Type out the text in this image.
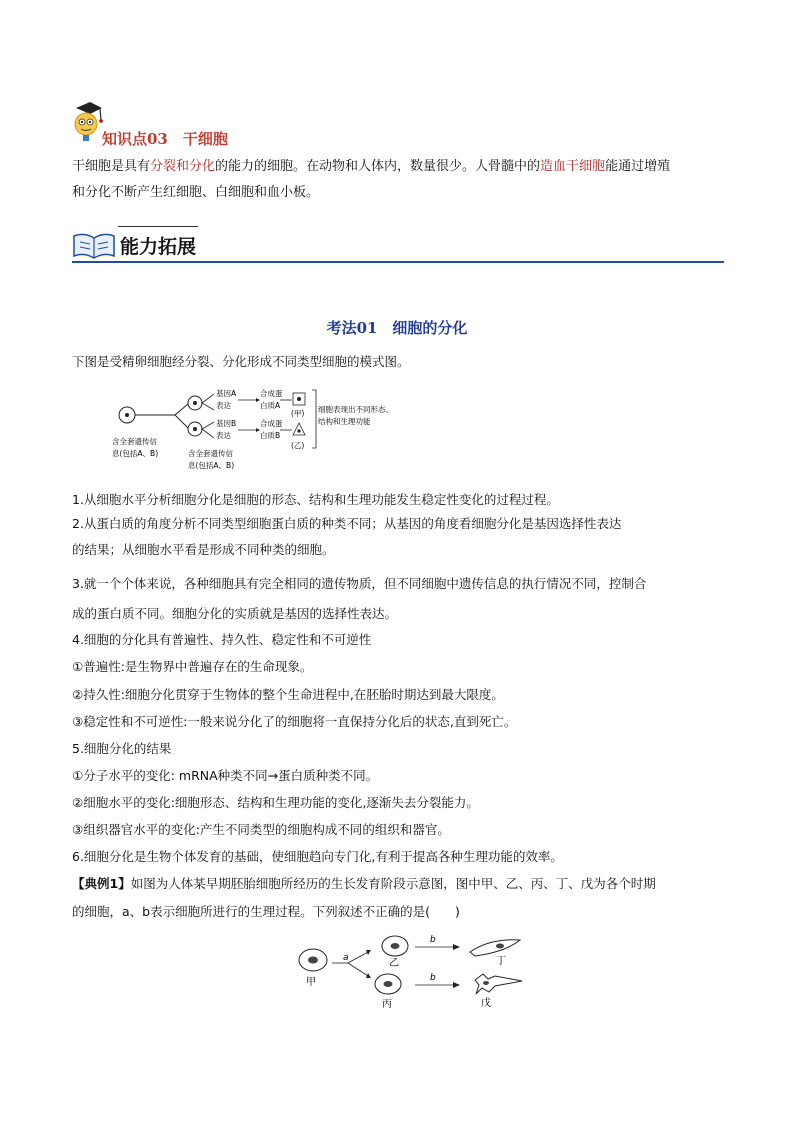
知识点03　干细胞
干细胞是具有分裂和分化的能力的细胞。在动物和人体内，数量很少。人骨髓中的造血干细胞能通过增殖
和分化不断产生红细胞、白细胞和血小板。
能力拓展
考法01　细胞的分化
下图是受精卵细胞经分裂、分化形成不同类型细胞的模式图。
含全套遗传信
息(包括A、B)	含全套遗传信
息(包括A、B)
基因A
表达
基因B
表达
合成蛋
白质A
合成蛋
白质B
(甲)
(乙)
细胞表现出不同形态、
结构和生理功能
1.从细胞水平分析细胞分化是细胞的形态、结构和生理功能发生稳定性变化的过程过程。
2.从蛋白质的角度分析不同类型细胞蛋白质的种类不同；从基因的角度看细胞分化是基因选择性表达
的结果；从细胞水平看是形成不同种类的细胞。
3.就一个个体来说，各种细胞具有完全相同的遗传物质，但不同细胞中遗传信息的执行情况不同，控制合
成的蛋白质不同。细胞分化的实质就是基因的选择性表达。
4.细胞的分化具有普遍性、持久性、稳定性和不可逆性
①普遍性:是生物界中普遍存在的生命现象。
②持久性:细胞分化贯穿于生物体的整个生命进程中,在胚胎时期达到最大限度。
③稳定性和不可逆性:一般来说分化了的细胞将一直保持分化后的状态,直到死亡。
5.细胞分化的结果
①分子水平的变化: mRNA种类不同→蛋白质种类不同。
②细胞水平的变化:细胞形态、结构和生理功能的变化,逐渐失去分裂能力。
③组织器官水平的变化:产生不同类型的细胞构成不同的组织和器官。
6.细胞分化是生物个体发育的基础，使细胞趋向专门化,有利于提高各种生理功能的效率。
【典例1】如图为人体某早期胚胎细胞所经历的生长发育阶段示意图，图中甲、乙、丙、丁、戊为各个时期
的细胞，a、b表示细胞所进行的生理过程。下列叙述不正确的是(　　)
a
b
b
甲
乙
丙
丁
戊
